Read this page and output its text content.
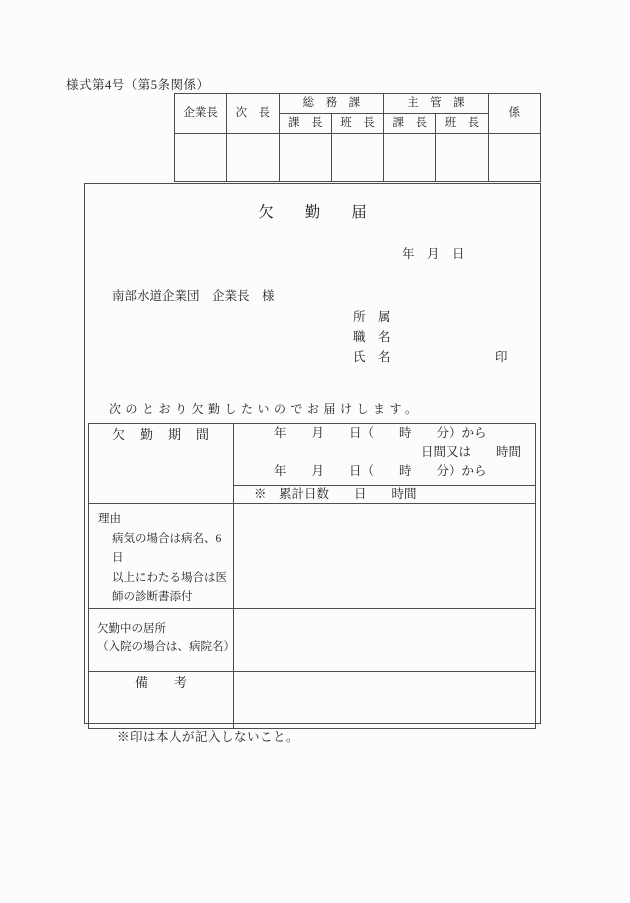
様式第4号（第5条関係）
企業長	次　長	総　務　課		主　管　課		係
		課　長	班　長	課　長	班　長	

欠　　勤　　届
年　月　日
南部水道企業団　企業長　様
所　属
職　名
氏　名	印
次のとおり欠勤したいのでお届けします。
欠　勤　期　間	年　　月　　日（　　時　　分）から
日間又は　　時間
年　　月　　日（　　時　　分）から

	※　累計日数　　日　　時間

理由
病気の場合は病名、6日
以上にわたる場合は医
師の診断書添付	

欠勤中の居所
（入院の場合は、病院名）	

備　　考	
※印は本人が記入しないこと。
